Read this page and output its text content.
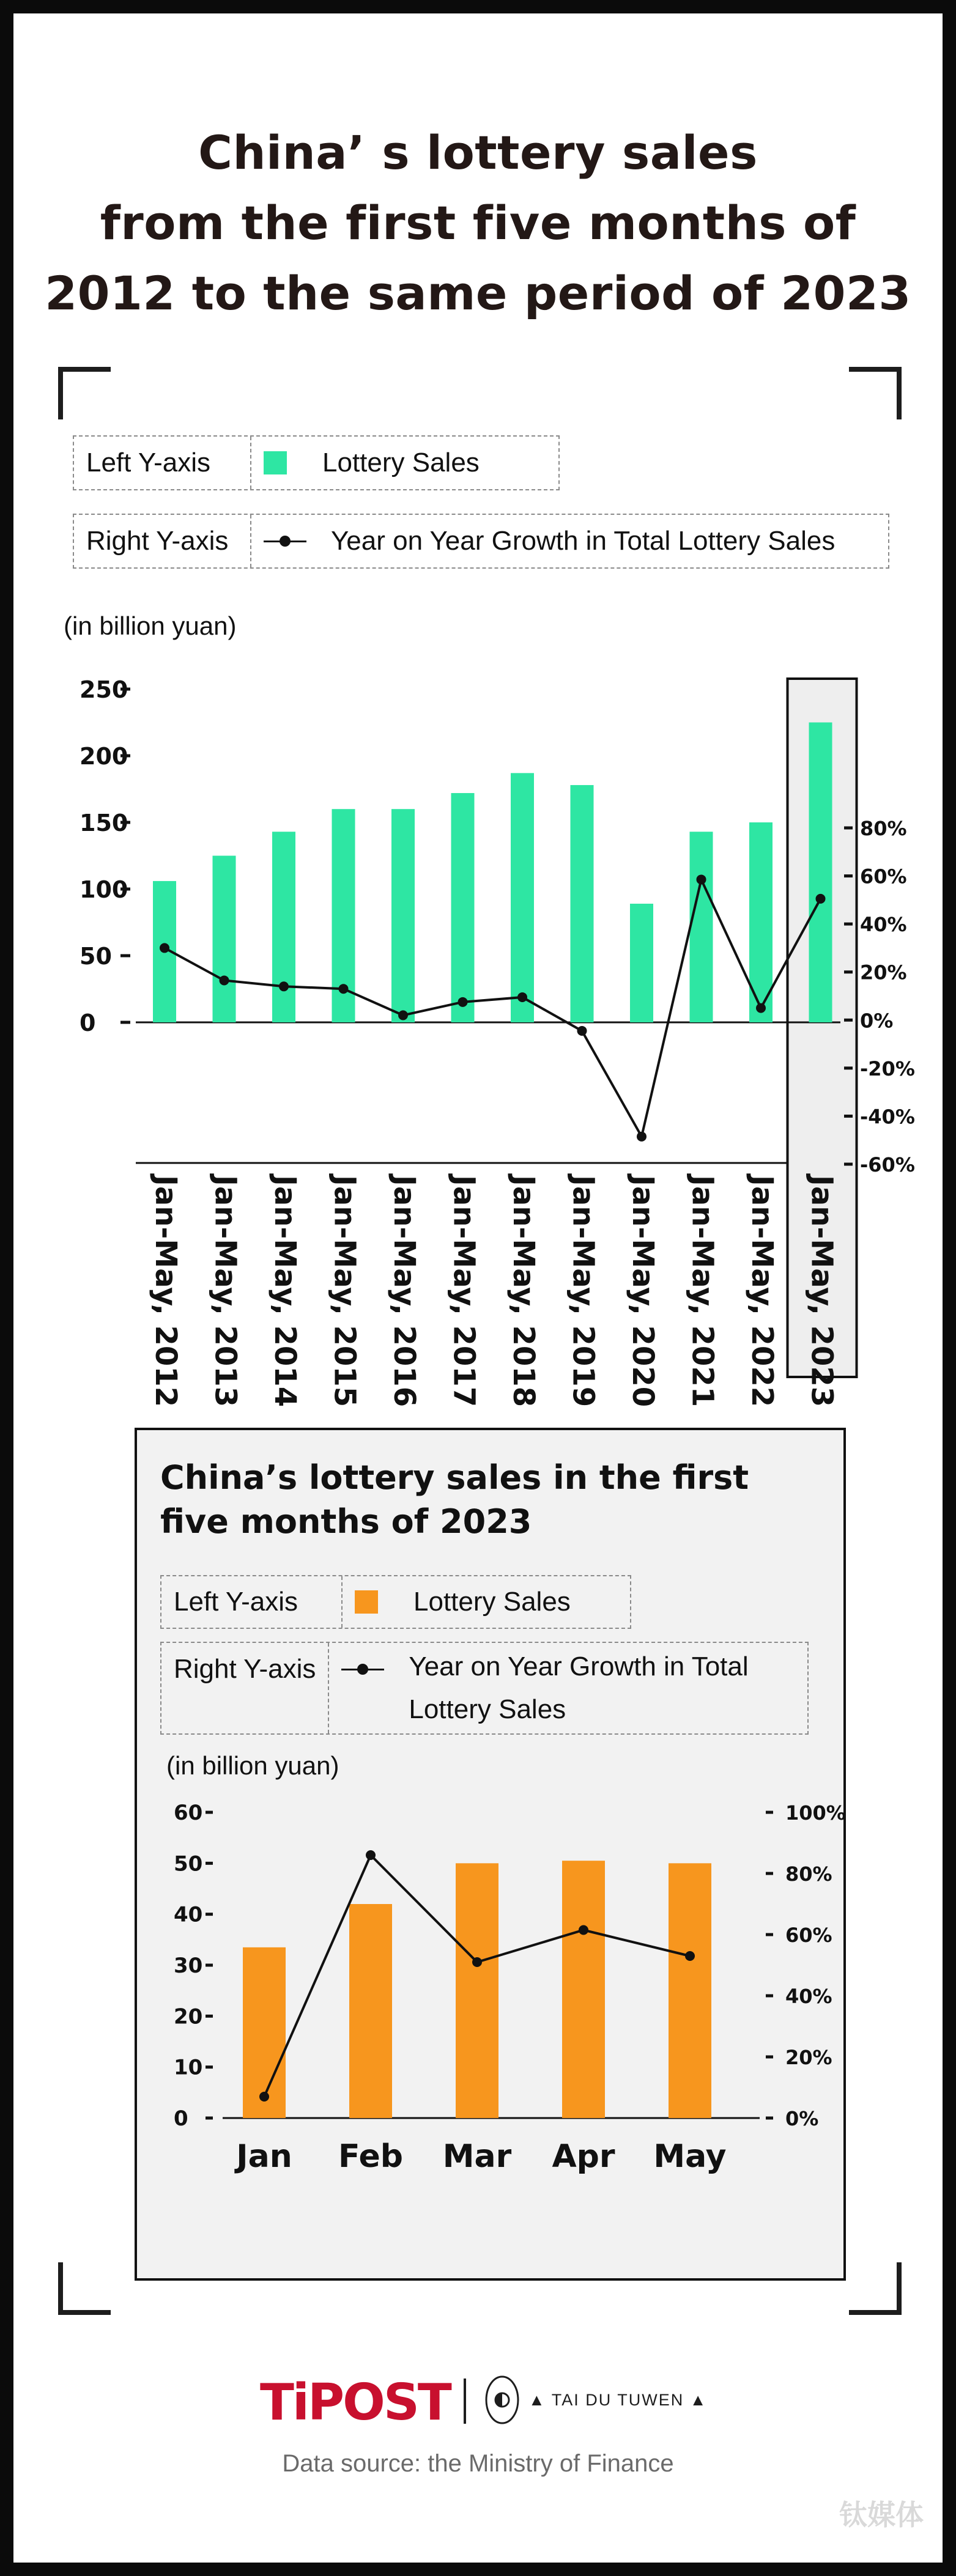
China’ s lottery sales
from the first five months of
2012 to the same period of 2023
Left Y-axis	Lottery Sales
Right Y-axis	Year on Year Growth in Total Lottery Sales
(in billion yuan)
250
200
150
100
50
0
80%
60%
40%
20%
0%
-20%
-40%
-60%
Jan-May, 2012 Jan-May, 2013 Jan-May, 2014 Jan-May, 2015 Jan-May, 2016 Jan-May, 2017 Jan-May, 2018 Jan-May, 2019 Jan-May, 2020 Jan-May, 2021 Jan-May, 2022 Jan-May, 2023
China’s lottery sales in the first five months of 2023
Left Y-axis	Lottery Sales
Right Y-axis	Year on Year Growth in Total Lottery Sales
(in billion yuan)
60
50
40
30
20
10
0
100%
80%
60%
40%
20%
0%
Jan Feb Mar Apr May
TiPOST	▲ TAI DU TUWEN ▲
Data source: the Ministry of Finance
钛媒体
